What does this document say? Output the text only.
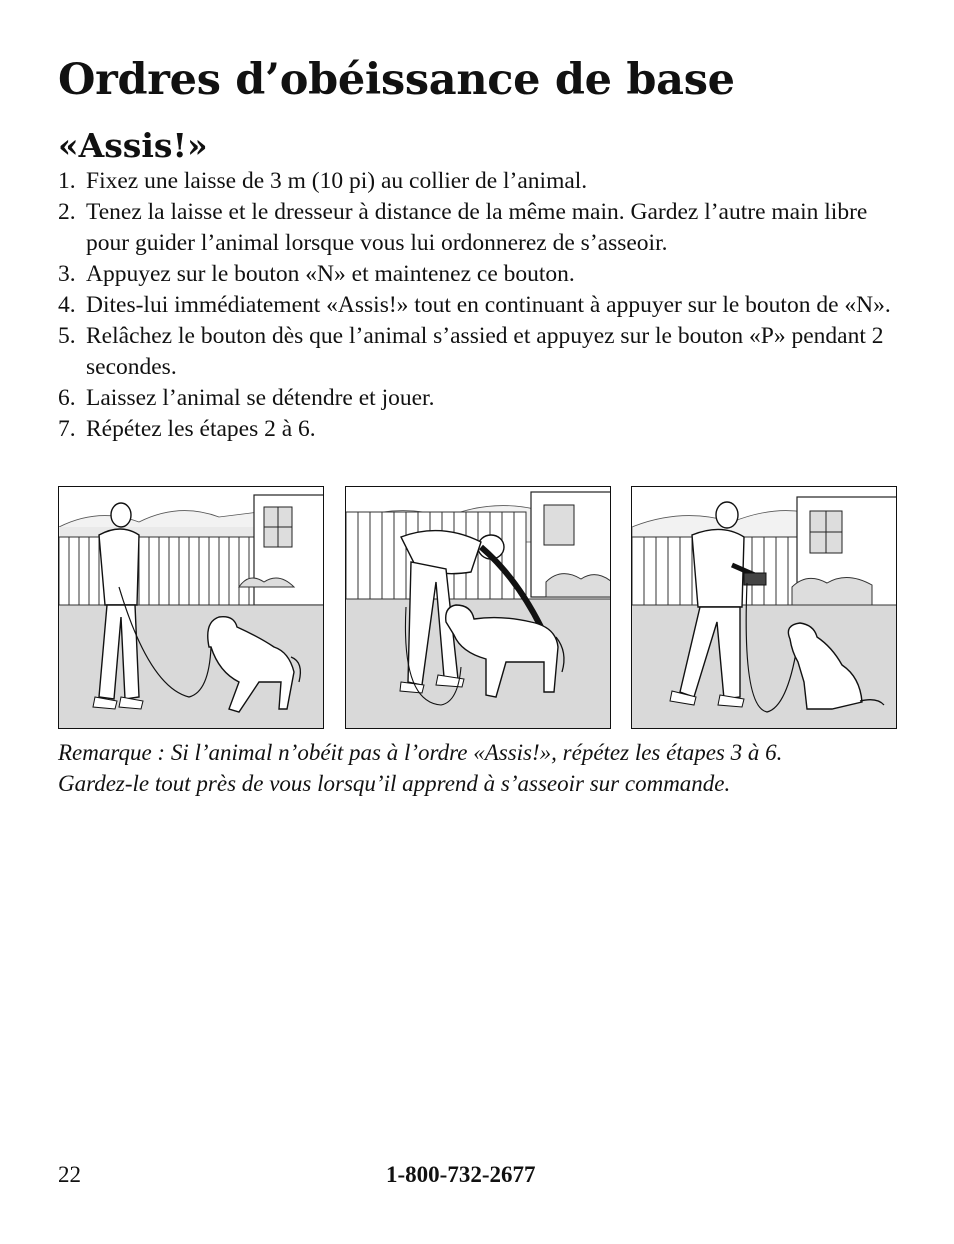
Ordres d’obéissance de base
«Assis!»
1. Fixez une laisse de 3 m (10 pi) au collier de l’animal.
2. Tenez la laisse et le dresseur à distance de la même main. Gardez l’autre main libre pour guider l’animal lorsque vous lui ordonnerez de s’asseoir.
3. Appuyez sur le bouton «N» et maintenez ce bouton.
4. Dites-lui immédiatement «Assis!» tout en continuant à appuyer sur le bouton de «N».
5. Relâchez le bouton dès que l’animal s’assied et appuyez sur le bouton «P» pendant 2 secondes.
6. Laissez l’animal se détendre et jouer.
7. Répétez les étapes 2 à 6.

Remarque : Si l’animal n’obéit pas à l’ordre «Assis!», répétez les étapes 3 à 6.
Gardez-le tout près de vous lorsqu’il apprend à s’asseoir sur commande.

22	1-800-732-2677
